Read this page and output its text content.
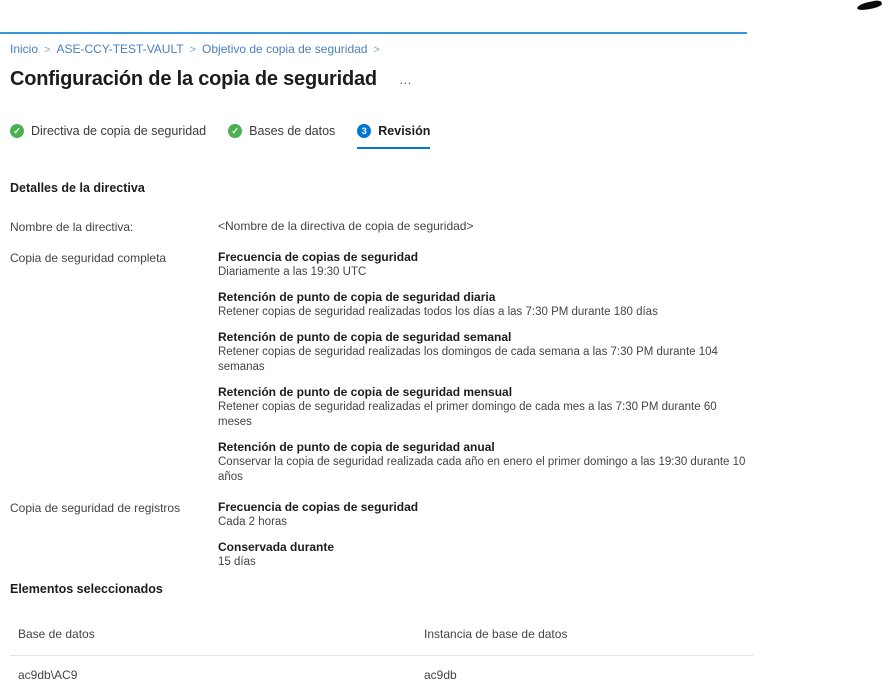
Inicio > ASE-CCY-TEST-VAULT > Objetivo de copia de seguridad >
Configuración de la copia de seguridad	…
✓ Directiva de copia de seguridad	✓ Bases de datos	3 Revisión
Detalles de la directiva
Nombre de la directiva:	<Nombre de la directiva de copia de seguridad>
Copia de seguridad completa	Frecuencia de copias de seguridad
Diariamente a las 19:30 UTC
Retención de punto de copia de seguridad diaria
Retener copias de seguridad realizadas todos los días a las 7:30 PM durante 180 días
Retención de punto de copia de seguridad semanal
Retener copias de seguridad realizadas los domingos de cada semana a las 7:30 PM durante 104 semanas
Retención de punto de copia de seguridad mensual
Retener copias de seguridad realizadas el primer domingo de cada mes a las 7:30 PM durante 60 meses
Retención de punto de copia de seguridad anual
Conservar la copia de seguridad realizada cada año en enero el primer domingo a las 19:30 durante 10 años
Copia de seguridad de registros	Frecuencia de copias de seguridad
Cada 2 horas
Conservada durante
15 días
Elementos seleccionados
Base de datos	Instancia de base de datos
ac9db\AC9	ac9db
